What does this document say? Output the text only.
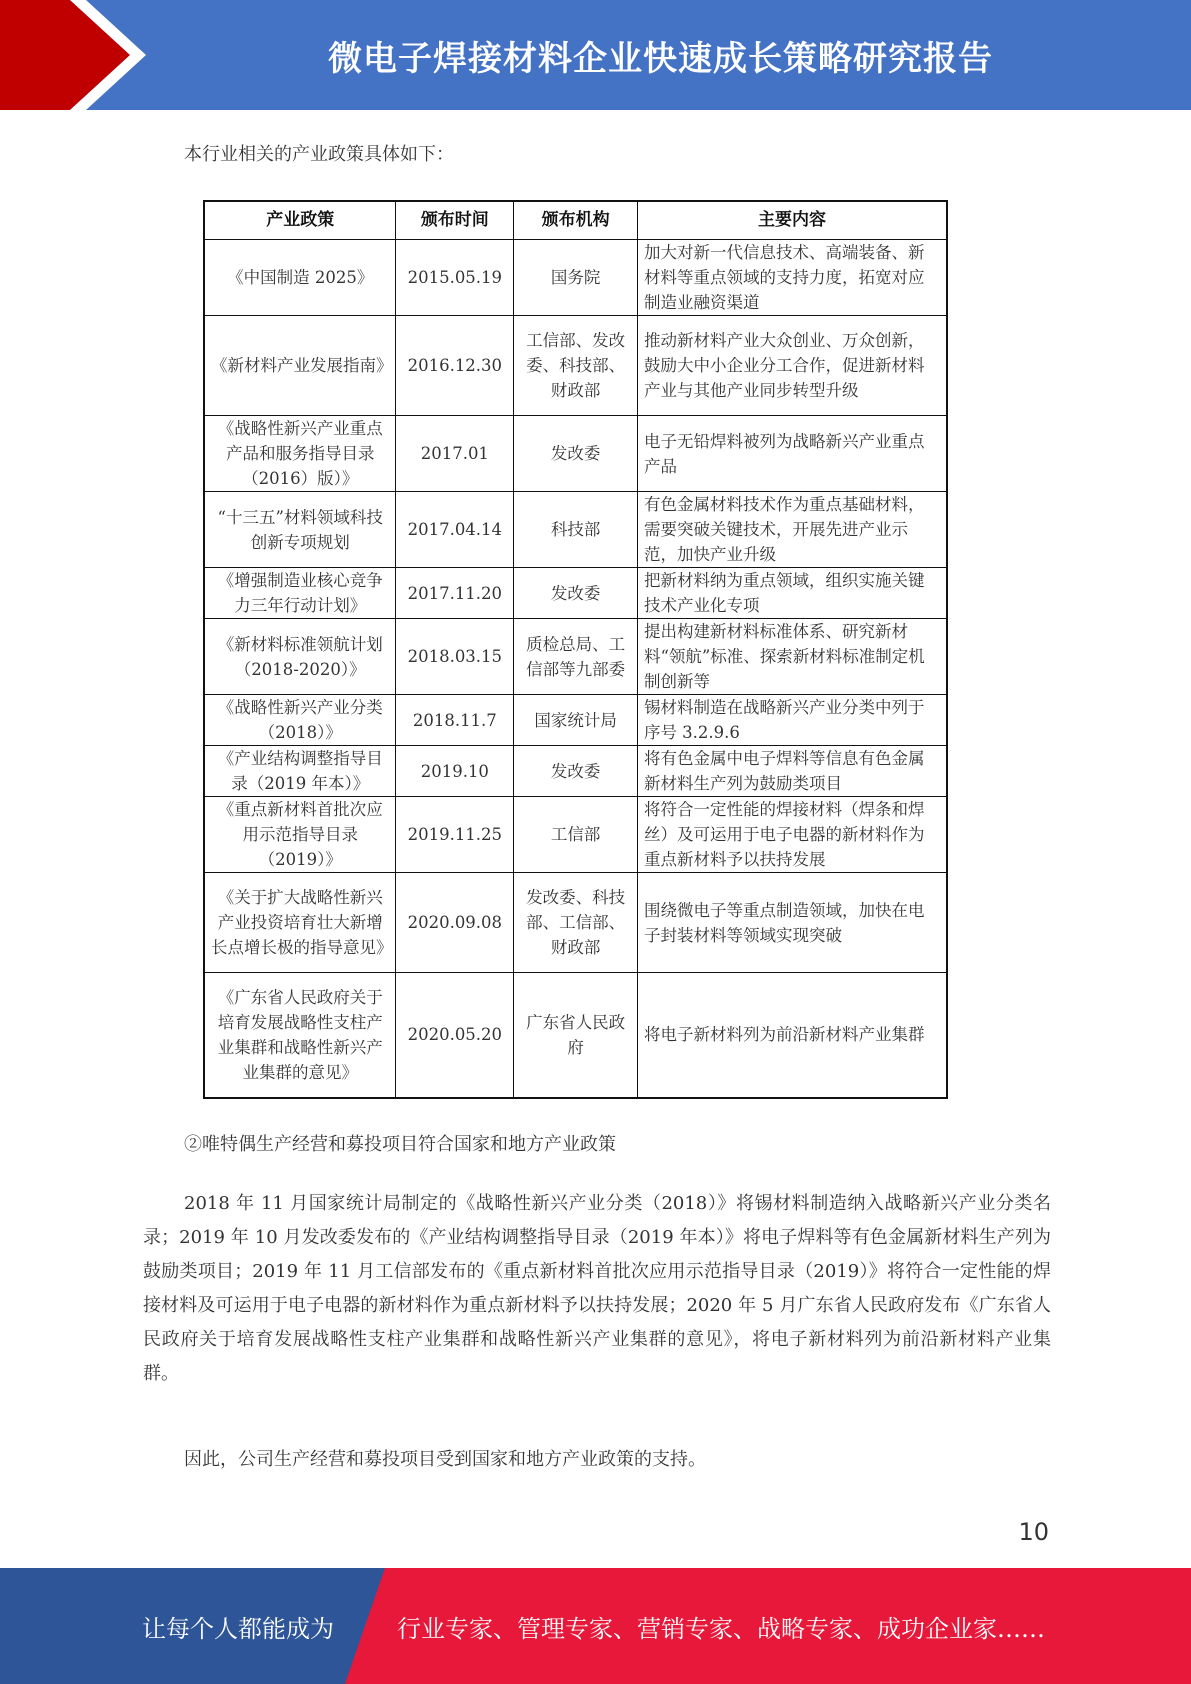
微电子焊接材料企业快速成长策略研究报告
本行业相关的产业政策具体如下：
产业政策	颁布时间	颁布机构	主要内容
《中国制造 2025》	2015.05.19	国务院	加大对新一代信息技术、高端装备、新材料等重点领域的支持力度，拓宽对应制造业融资渠道
《新材料产业发展指南》	2016.12.30	工信部、发改委、科技部、财政部	推动新材料产业大众创业、万众创新，鼓励大中小企业分工合作，促进新材料产业与其他产业同步转型升级
《战略性新兴产业重点产品和服务指导目录（2016）版）》	2017.01	发改委	电子无铅焊料被列为战略新兴产业重点产品
“十三五”材料领域科技创新专项规划	2017.04.14	科技部	有色金属材料技术作为重点基础材料，需要突破关键技术，开展先进产业示范，加快产业升级
《增强制造业核心竞争力三年行动计划》	2017.11.20	发改委	把新材料纳为重点领域，组织实施关键技术产业化专项
《新材料标准领航计划（2018-2020）》	2018.03.15	质检总局、工信部等九部委	提出构建新材料标准体系、研究新材料“领航”标准、探索新材料标准制定机制创新等
《战略性新兴产业分类（2018）》	2018.11.7	国家统计局	锡材料制造在战略新兴产业分类中列于序号 3.2.9.6
《产业结构调整指导目录（2019 年本）》	2019.10	发改委	将有色金属中电子焊料等信息有色金属新材料生产列为鼓励类项目
《重点新材料首批次应用示范指导目录（2019）》	2019.11.25	工信部	将符合一定性能的焊接材料（焊条和焊丝）及可运用于电子电器的新材料作为重点新材料予以扶持发展
《关于扩大战略性新兴产业投资培育壮大新增长点增长极的指导意见》	2020.09.08	发改委、科技部、工信部、财政部	围绕微电子等重点制造领域，加快在电子封装材料等领域实现突破
《广东省人民政府关于培育发展战略性支柱产业集群和战略性新兴产业集群的意见》	2020.05.20	广东省人民政府	将电子新材料列为前沿新材料产业集群
②唯特偶生产经营和募投项目符合国家和地方产业政策

2018 年 11 月国家统计局制定的《战略性新兴产业分类（2018）》将锡材料制造纳入战略新兴产业分类名录；2019 年 10 月发改委发布的《产业结构调整指导目录（2019 年本）》将电子焊料等有色金属新材料生产列为鼓励类项目；2019 年 11 月工信部发布的《重点新材料首批次应用示范指导目录（2019）》将符合一定性能的焊接材料及可运用于电子电器的新材料作为重点新材料予以扶持发展；2020 年 5 月广东省人民政府发布《广东省人民政府关于培育发展战略性支柱产业集群和战略性新兴产业集群的意见》，将电子新材料列为前沿新材料产业集群。

因此，公司生产经营和募投项目受到国家和地方产业政策的支持。

10
让每个人都能成为	行业专家、管理专家、营销专家、战略专家、成功企业家……
